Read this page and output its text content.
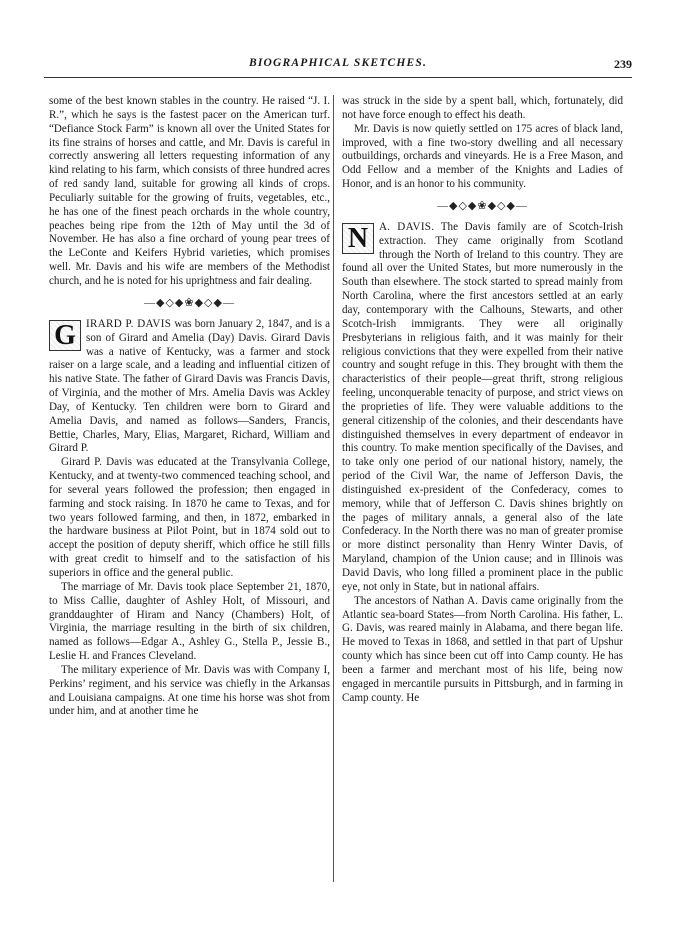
BIOGRAPHICAL SKETCHES.	239

some of the best known stables in the country. He raised “J. I. R.”, which he says is the fastest pacer on the American turf. “Defiance Stock Farm” is known all over the United States for its fine strains of horses and cattle, and Mr. Davis is careful in correctly answering all letters requesting information of any kind relating to his farm, which consists of three hundred acres of red sandy land, suitable for growing all kinds of crops. Peculiarly suitable for the growing of fruits, vegetables, etc., he has one of the finest peach orchards in the whole country, peaches being ripe from the 12th of May until the 3d of November. He has also a fine orchard of young pear trees of the LeConte and Keifers Hybrid varieties, which promises well. Mr. Davis and his wife are members of the Methodist church, and he is noted for his uprightness and fair dealing.

—◆◇◆❀◆◇◆—

G IRARD P. DAVIS was born January 2, 1847, and is a son of Girard and Amelia (Day) Davis. Girard Davis was a native of Kentucky, was a farmer and stock raiser on a large scale, and a leading and influential citizen of his native State. The father of Girard Davis was Francis Davis, of Virginia, and the mother of Mrs. Amelia Davis was Ackley Day, of Kentucky. Ten children were born to Girard and Amelia Davis, and named as follows—Sanders, Francis, Bettie, Charles, Mary, Elias, Margaret, Richard, William and Girard P.

Girard P. Davis was educated at the Transylvania College, Kentucky, and at twenty-two commenced teaching school, and for several years followed the profession; then engaged in farming and stock raising. In 1870 he came to Texas, and for two years followed farming, and then, in 1872, embarked in the hardware business at Pilot Point, but in 1874 sold out to accept the position of deputy sheriff, which office he still fills with great credit to himself and to the satisfaction of his superiors in office and the general public.

The marriage of Mr. Davis took place September 21, 1870, to Miss Callie, daughter of Ashley Holt, of Missouri, and granddaughter of Hiram and Nancy (Chambers) Holt, of Virginia, the marriage resulting in the birth of six children, named as follows—Edgar A., Ashley G., Stella P., Jessie B., Leslie H. and Frances Cleveland.

The military experience of Mr. Davis was with Company I, Perkins’ regiment, and his service was chiefly in the Arkansas and Louisiana campaigns. At one time his horse was shot from under him, and at another time he

was struck in the side by a spent ball, which, fortunately, did not have force enough to effect his death.

Mr. Davis is now quietly settled on 175 acres of black land, improved, with a fine two-story dwelling and all necessary outbuildings, orchards and vineyards. He is a Free Mason, and Odd Fellow and a member of the Knights and Ladies of Honor, and is an honor to his community.

—◆◇◆❀◆◇◆—

N A. DAVIS. The Davis family are of Scotch-Irish extraction. They came originally from Scotland through the North of Ireland to this country. They are found all over the United States, but more numerously in the South than elsewhere. The stock started to spread mainly from North Carolina, where the first ancestors settled at an early day, contemporary with the Calhouns, Stewarts, and other Scotch-Irish immigrants. They were all originally Presbyterians in religious faith, and it was mainly for their religious convictions that they were expelled from their native country and sought refuge in this. They brought with them the characteristics of their people—great thrift, strong religious feeling, unconquerable tenacity of purpose, and strict views on the proprieties of life. They were valuable additions to the general citizenship of the colonies, and their descendants have distinguished themselves in every department of endeavor in this country. To make mention specifically of the Davises, and to take only one period of our national history, namely, the period of the Civil War, the name of Jefferson Davis, the distinguished ex-president of the Confederacy, comes to memory, while that of Jefferson C. Davis shines brightly on the pages of military annals, a general also of the late Confederacy. In the North there was no man of greater promise or more distinct personality than Henry Winter Davis, of Maryland, champion of the Union cause; and in Illinois was David Davis, who long filled a prominent place in the public eye, not only in State, but in national affairs.

The ancestors of Nathan A. Davis came originally from the Atlantic sea-board States—from North Carolina. His father, L. G. Davis, was reared mainly in Alabama, and there began life. He moved to Texas in 1868, and settled in that part of Upshur county which has since been cut off into Camp county. He has been a farmer and merchant most of his life, being now engaged in mercantile pursuits in Pittsburgh, and in farming in Camp county. He
